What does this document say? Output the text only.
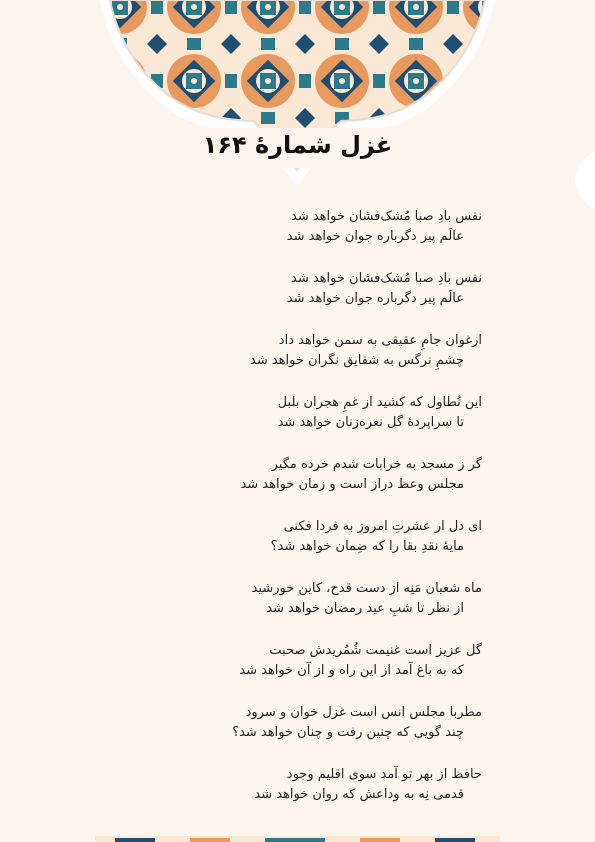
غزل شمارهٔ ۱۶۴
نفس بادِ صبا مُشک‌فشان خواهد شد
عالَم پیر دگرباره جوان خواهد شد
نفس بادِ صبا مُشک‌فشان خواهد شد
عالَم پیر دگرباره جوان خواهد شد
ارغوان جامِ عقیقی به سمن خواهد داد
چشمِ نرگس به شقایق نگران خواهد شد
این تُطاول که کشید از غمِ هجران بلبل
تا سراپردهٔ گل نعره‌زنان خواهد شد
گر ز مسجد به خرابات شدم خرده مگیر
مجلس وعظ دراز است و زمان خواهد شد
ای دل ار عشرتِ امروز به فردا فکنی
مایهٔ نقدِ بقا را که ضِمان خواهد شد؟
ماه شعبان مَنِه از دست قدح، کاین خورشید
از نظر تا شبِ عید رمضان خواهد شد
گل عزیز است غنیمت شُمُریدش صحبت
که به باغ آمد از این راه و از آن خواهد شد
مطربا مجلس انس است غزل خوان و سرود
چند گویی که چنین رفت و چنان خواهد شد؟
حافظ از بهر تو آمد سوی اقلیم وجود
قدمی نِه به وداعش که روان خواهد شد
